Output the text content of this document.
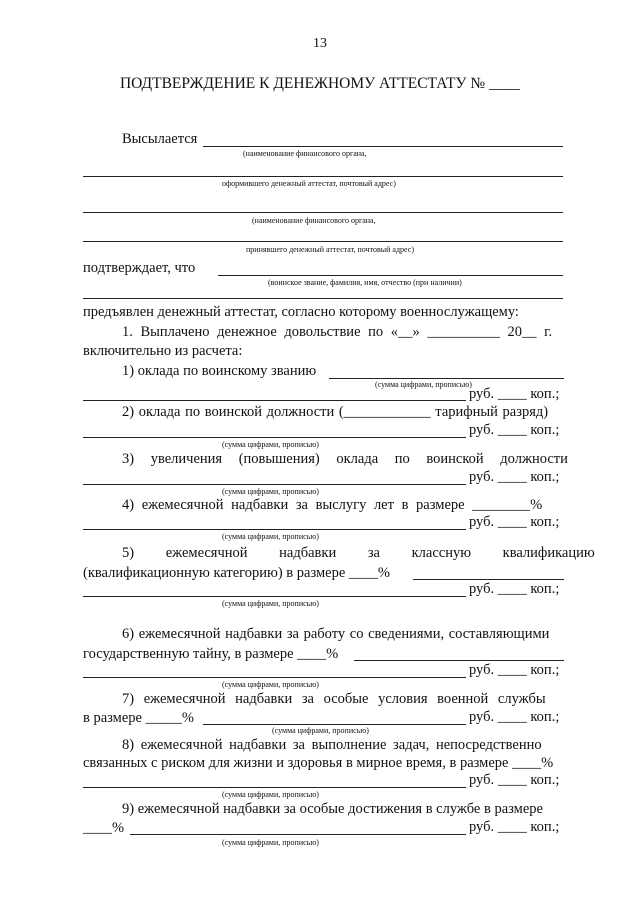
13
ПОДТВЕРЖДЕНИЕ К ДЕНЕЖНОМУ АТТЕСТАТУ № ____
Высылается
(наименование финансового органа,
оформившего денежный аттестат, почтовый адрес)
(наименование финансового органа,
принявшего денежный аттестат, почтовый адрес)
подтверждает, что
(воинское звание, фамилия, имя, отчество (при наличии)
предъявлен денежный аттестат, согласно которому военнослужащему:
1. Выплачено денежное довольствие по «__» __________ 20__ г.
включительно из расчета:
1) оклада по воинскому званию
(сумма цифрами, прописью)
руб. ____ коп.;
2) оклада по воинской должности (____________ тарифный разряд)
руб. ____ коп.;
(сумма цифрами, прописью)
3) увеличения (повышения) оклада по воинской должности
руб. ____ коп.;
(сумма цифрами, прописью)
4) ежемесячной надбавки за выслугу лет в размере ________%
руб. ____ коп.;
(сумма цифрами, прописью)
5) ежемесячной надбавки за классную квалификацию
(квалификационную категорию) в размере ____%
руб. ____ коп.;
(сумма цифрами, прописью)
6) ежемесячной надбавки за работу со сведениями, составляющими
государственную тайну, в размере ____%
руб. ____ коп.;
(сумма цифрами, прописью)
7) ежемесячной надбавки за особые условия военной службы
в размере _____%	руб. ____ коп.;
(сумма цифрами, прописью)
8) ежемесячной надбавки за выполнение задач, непосредственно
связанных с риском для жизни и здоровья в мирное время, в размере ____%
руб. ____ коп.;
(сумма цифрами, прописью)
9) ежемесячной надбавки за особые достижения в службе в размере
____%	руб. ____ коп.;
(сумма цифрами, прописью)
